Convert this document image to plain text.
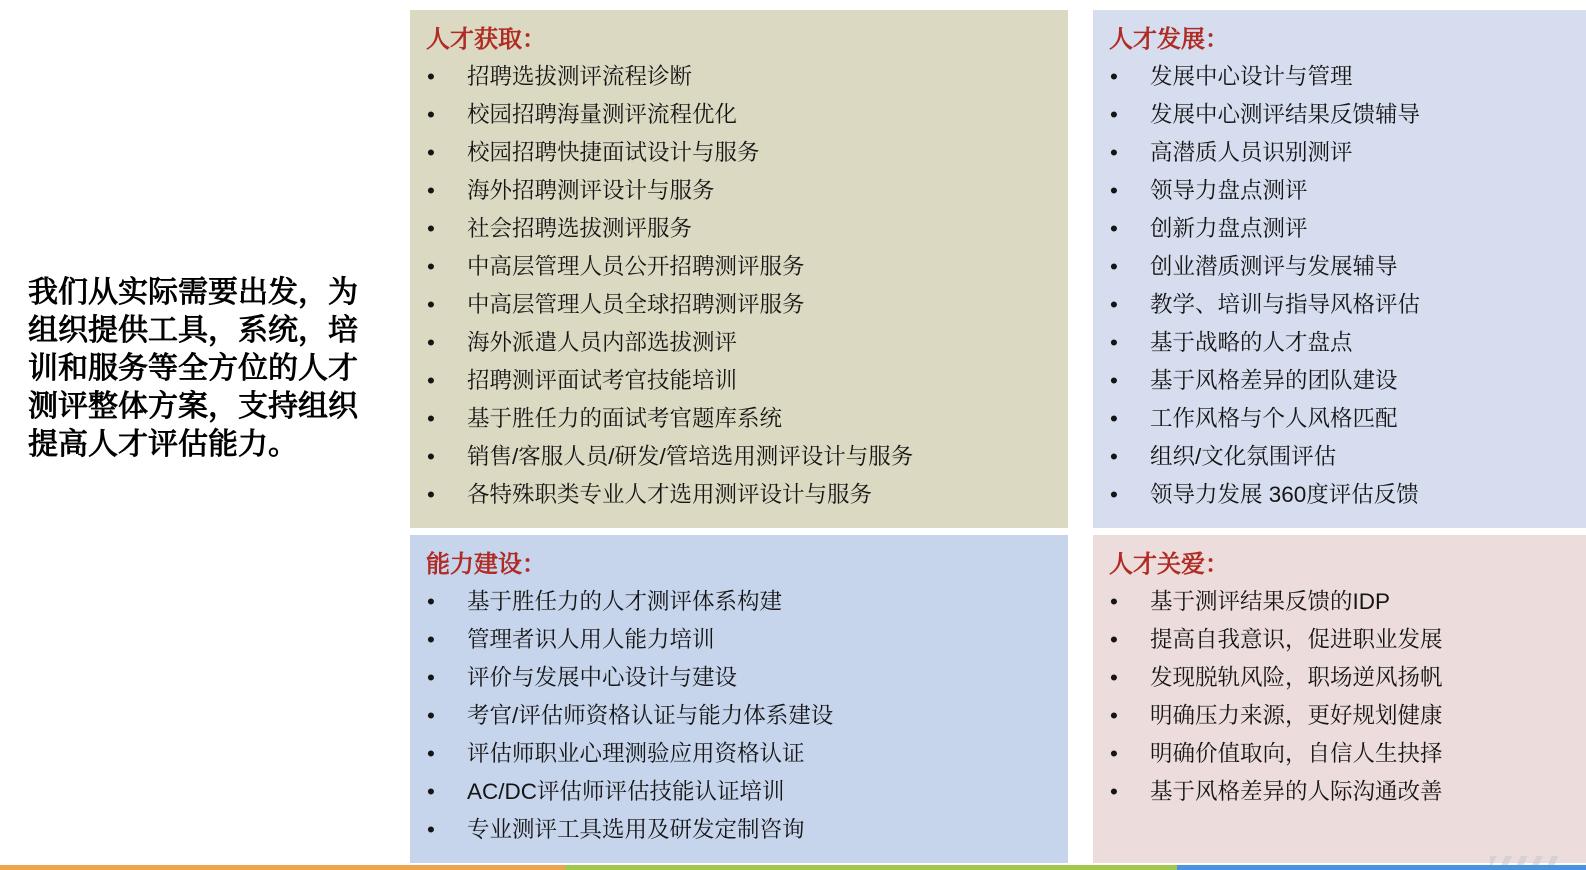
我们从实际需要出发，为
组织提供工具，系统，培
训和服务等全方位的人才
测评整体方案，支持组织
提高人才评估能力。
人才获取：
• 招聘选拔测评流程诊断
• 校园招聘海量测评流程优化
• 校园招聘快捷面试设计与服务
• 海外招聘测评设计与服务
• 社会招聘选拔测评服务
• 中高层管理人员公开招聘测评服务
• 中高层管理人员全球招聘测评服务
• 海外派遣人员内部选拔测评
• 招聘测评面试考官技能培训
• 基于胜任力的面试考官题库系统
• 销售/客服人员/研发/管培选用测评设计与服务
• 各特殊职类专业人才选用测评设计与服务
人才发展：
• 发展中心设计与管理
• 发展中心测评结果反馈辅导
• 高潜质人员识别测评
• 领导力盘点测评
• 创新力盘点测评
• 创业潜质测评与发展辅导
• 教学、培训与指导风格评估
• 基于战略的人才盘点
• 基于风格差异的团队建设
• 工作风格与个人风格匹配
• 组织/文化氛围评估
• 领导力发展 360度评估反馈
能力建设：
• 基于胜任力的人才测评体系构建
• 管理者识人用人能力培训
• 评价与发展中心设计与建设
• 考官/评估师资格认证与能力体系建设
• 评估师职业心理测验应用资格认证
• AC/DC评估师评估技能认证培训
• 专业测评工具选用及研发定制咨询
人才关爱：
• 基于测评结果反馈的IDP
• 提高自我意识，促进职业发展
• 发现脱轨风险，职场逆风扬帆
• 明确压力来源，更好规划健康
• 明确价值取向，自信人生抉择
• 基于风格差异的人际沟通改善
